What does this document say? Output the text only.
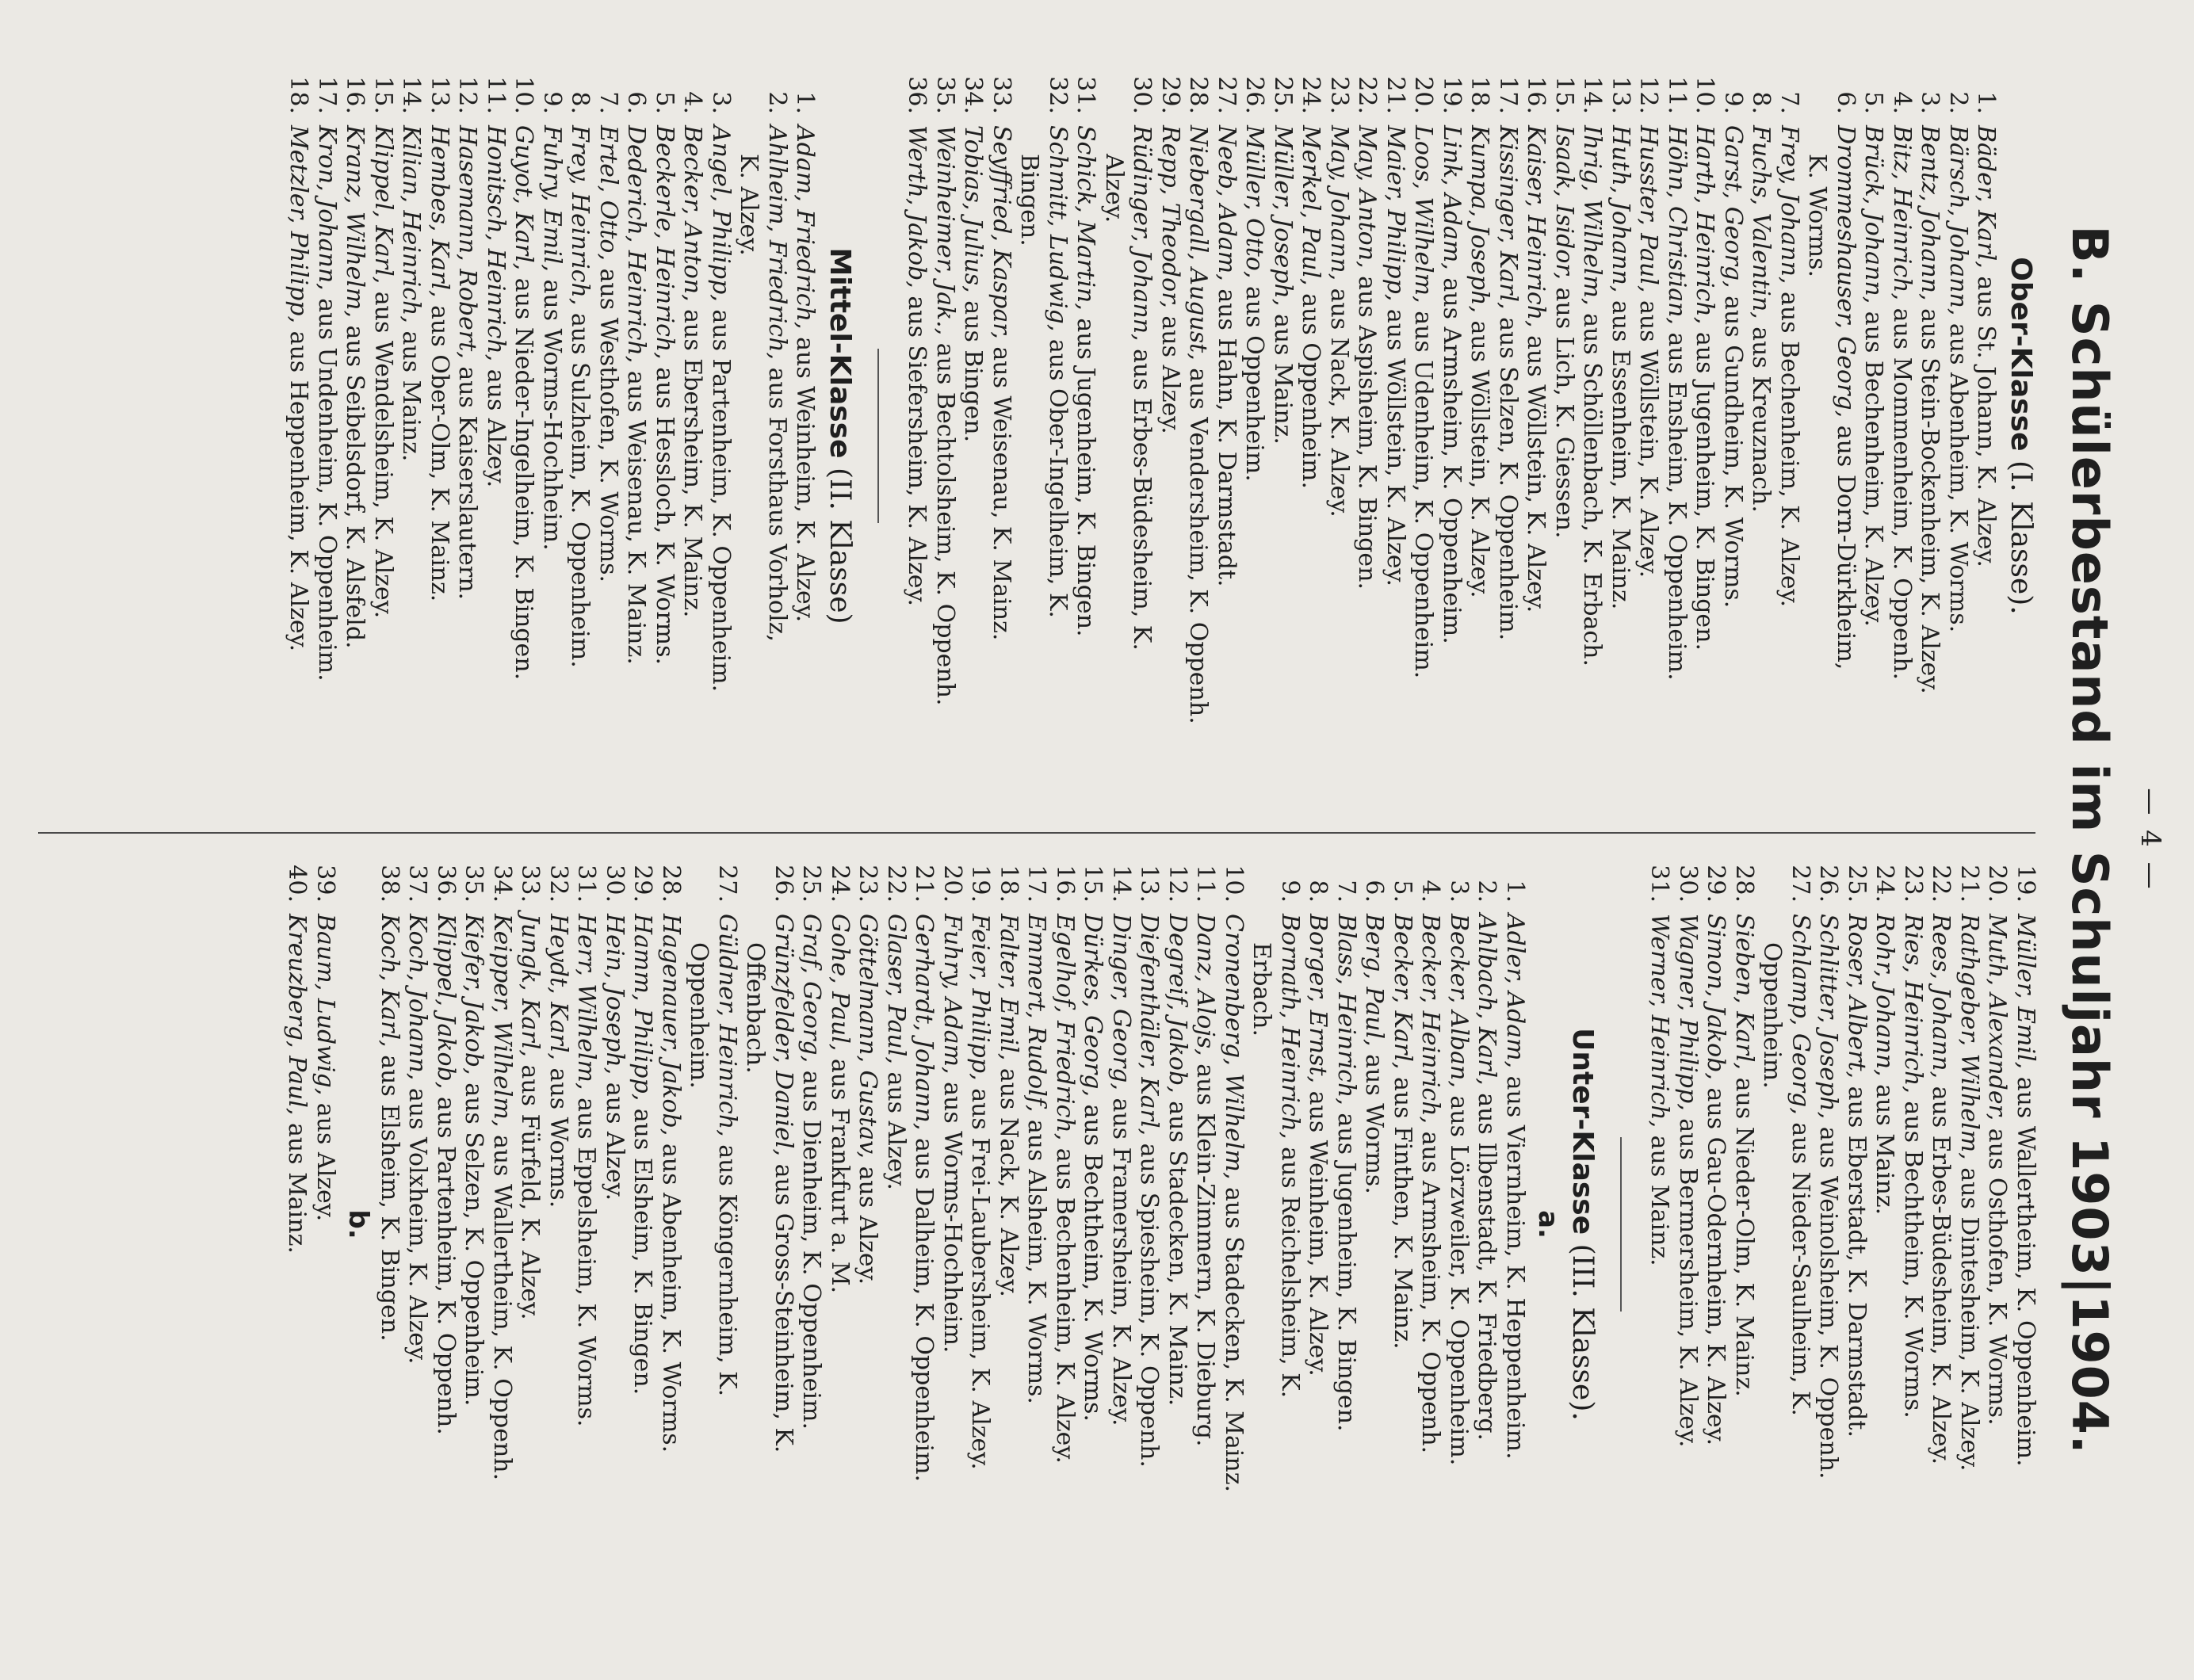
— 4 —
B. Schülerbestand im Schuljahr 1903|1904.
Ober-Klasse (I. Klasse).
1.
Bäder, Karl, aus St. Johann, K. Alzey.
2.
Bärsch, Johann, aus Abenheim, K. Worms.
3.
Bentz, Johann, aus Stein-Bockenheim, K. Alzey.
4.
Bitz, Heinrich, aus Mommenheim, K. Oppenh.
5.
Brück, Johann, aus Bechenheim, K. Alzey.
6.
Drommeshauser, Georg, aus Dorn-Dürkheim,
K. Worms.
7.
Frey, Johann, aus Bechenheim, K. Alzey.
8.
Fuchs, Valentin, aus Kreuznach.
9.
Garst, Georg, aus Gundheim, K. Worms.
10.
Harth, Heinrich, aus Jugenheim, K. Bingen.
11.
Höhn, Christian, aus Ensheim, K. Oppenheim.
12.
Husster, Paul, aus Wöllstein, K. Alzey.
13.
Huth, Johann, aus Essenheim, K. Mainz.
14.
Ihrig, Wilhelm, aus Schöllenbach, K. Erbach.
15.
Isaak, Isidor, aus Lich, K. Giessen.
16.
Kaiser, Heinrich, aus Wöllstein, K. Alzey.
17.
Kissinger, Karl, aus Selzen, K. Oppenheim.
18.
Kumpa, Joseph, aus Wöllstein, K. Alzey.
19.
Link, Adam, aus Armsheim, K. Oppenheim.
20.
Loos, Wilhelm, aus Udenheim, K. Oppenheim.
21.
Maier, Philipp, aus Wöllstein, K. Alzey.
22.
May, Anton, aus Aspisheim, K. Bingen.
23.
May, Johann, aus Nack, K. Alzey.
24.
Merkel, Paul, aus Oppenheim.
25.
Müller, Joseph, aus Mainz.
26.
Müller, Otto, aus Oppenheim.
27.
Neeb, Adam, aus Hahn, K. Darmstadt.
28.
Niebergall, August, aus Vendersheim, K. Oppenh.
29.
Repp, Theodor, aus Alzey.
30.
Rüdinger, Johann, aus Erbes-Büdesheim, K.
Alzey.
31.
Schick, Martin, aus Jugenheim, K. Bingen.
32.
Schmitt, Ludwig, aus Ober-Ingelheim, K.
Bingen.
33.
Seyffried, Kaspar, aus Weisenau, K. Mainz.
34.
Tobias, Julius, aus Bingen.
35.
Weinheimer, Jak., aus Bechtolsheim, K. Oppenh.
36.
Werth, Jakob, aus Siefersheim, K. Alzey.
Mittel-Klasse (II. Klasse)
1.
Adam, Friedrich, aus Weinheim, K. Alzey.
2.
Ahlheim, Friedrich, aus Forsthaus Vorholz,
K. Alzey.
3.
Angel, Philipp, aus Partenheim, K. Oppenheim.
4.
Becker, Anton, aus Ebersheim, K. Mainz.
5.
Beckerle, Heinrich, aus Hessloch, K. Worms.
6.
Dederich, Heinrich, aus Weisenau, K. Mainz.
7.
Ertel, Otto, aus Westhofen, K. Worms.
8.
Frey, Heinrich, aus Sulzheim, K. Oppenheim.
9.
Fuhry, Emil, aus Worms-Hochheim.
10.
Guyot, Karl, aus Nieder-Ingelheim, K. Bingen.
11.
Honitsch, Heinrich, aus Alzey.
12.
Hasemann, Robert, aus Kaiserslautern.
13.
Hembes, Karl, aus Ober-Olm, K. Mainz.
14.
Kilian, Heinrich, aus Mainz.
15.
Klippel, Karl, aus Wendelsheim, K. Alzey.
16.
Kranz, Wilhelm, aus Seibelsdorf, K. Alsfeld.
17.
Kron, Johann, aus Undenheim, K. Oppenheim.
18.
Metzler, Philipp, aus Heppenheim, K. Alzey.
19.
Müller, Emil, aus Wallertheim, K. Oppenheim.
20.
Muth, Alexander, aus Osthofen, K. Worms.
21.
Rathgeber, Wilhelm, aus Dintesheim, K. Alzey.
22.
Rees, Johann, aus Erbes-Büdesheim, K. Alzey.
23.
Ries, Heinrich, aus Bechtheim, K. Worms.
24.
Rohr, Johann, aus Mainz.
25.
Roser, Albert, aus Eberstadt, K. Darmstadt.
26.
Schlitter, Joseph, aus Weinolsheim, K. Oppenh.
27.
Schlamp, Georg, aus Nieder-Saulheim, K.
Oppenheim.
28.
Sieben, Karl, aus Nieder-Olm, K. Mainz.
29.
Simon, Jakob, aus Gau-Odernheim, K. Alzey.
30.
Wagner, Philipp, aus Bermersheim, K. Alzey.
31.
Werner, Heinrich, aus Mainz.
Unter-Klasse (III. Klasse).
a.
1.
Adler, Adam, aus Viernheim, K. Heppenheim.
2.
Ahlbach, Karl, aus Ilbenstadt, K. Friedberg.
3.
Becker, Alban, aus Lörzweiler, K. Oppenheim.
4.
Becker, Heinrich, aus Armsheim, K. Oppenh.
5.
Becker, Karl, aus Finthen, K. Mainz.
6.
Berg, Paul, aus Worms.
7.
Blass, Heinrich, aus Jugenheim, K. Bingen.
8.
Borger, Ernst, aus Weinheim, K. Alzey.
9.
Bornath, Heinrich, aus Reichelsheim, K.
Erbach.
10.
Cronenberg, Wilhelm, aus Stadecken, K. Mainz.
11.
Danz, Alojs, aus Klein-Zimmern, K. Dieburg.
12.
Degreif, Jakob, aus Stadecken, K. Mainz.
13.
Diefenthäler, Karl, aus Spiesheim, K. Oppenh.
14.
Dinger, Georg, aus Framersheim, K. Alzey.
15.
Dürkes, Georg, aus Bechtheim, K. Worms.
16.
Egelhof, Friedrich, aus Bechenheim, K. Alzey.
17.
Emmert, Rudolf, aus Alsheim, K. Worms.
18.
Falter, Emil, aus Nack, K. Alzey.
19.
Feier, Philipp, aus Frei-Laubersheim, K. Alzey.
20.
Fuhry, Adam, aus Worms-Hochheim.
21.
Gerhardt, Johann, aus Dalheim, K. Oppenheim.
22.
Glaser, Paul, aus Alzey.
23.
Göttelmann, Gustav, aus Alzey.
24.
Gohe, Paul, aus Frankfurt a. M.
25.
Graf, Georg, aus Dienheim, K. Oppenheim.
26.
Grünzfelder, Daniel, aus Gross-Steinheim, K.
Offenbach.
27.
Güldner, Heinrich, aus Köngernheim, K.
Oppenheim.
28.
Hagenauer, Jakob, aus Abenheim, K. Worms.
29.
Hamm, Philipp, aus Elsheim, K. Bingen.
30.
Hein, Joseph, aus Alzey.
31.
Herr, Wilhelm, aus Eppelsheim, K. Worms.
32.
Heydt, Karl, aus Worms.
33.
Jungk, Karl, aus Fürfeld, K. Alzey.
34.
Keipper, Wilhelm, aus Wallertheim, K. Oppenh.
35.
Kiefer, Jakob, aus Selzen, K. Oppenheim.
36.
Klippel, Jakob, aus Partenheim, K. Oppenh.
37.
Koch, Johann, aus Volxheim, K. Alzey.
38.
Koch, Karl, aus Elsheim, K. Bingen.
b.
39.
Baum, Ludwig, aus Alzey.
40.
Kreuzberg, Paul, aus Mainz.
